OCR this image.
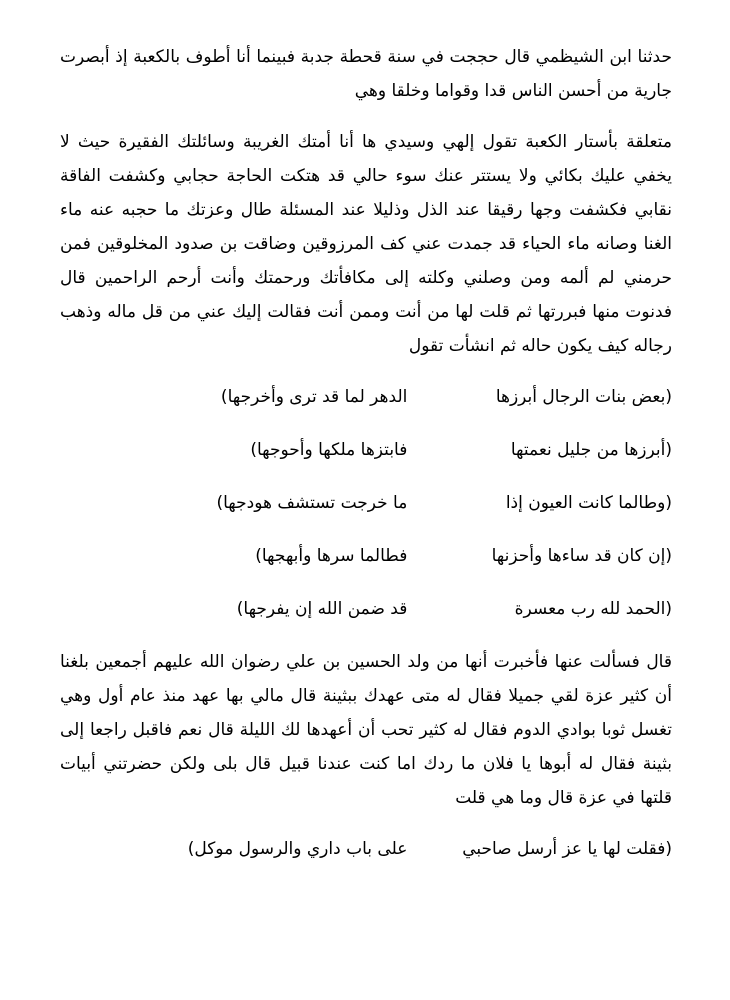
حدثنا ابن الشيظمي قال حججت في سنة قحطة جدبة فبينما أنا أطوف بالكعبة إذ أبصرت جارية من أحسن الناس قدا وقواما وخلقا وهي

متعلقة بأستار الكعبة تقول إلهي وسيدي ها أنا أمتك الغريبة وسائلتك الفقيرة حيث لا يخفي عليك بكائي ولا يستتر عنك سوء حالي قد هتكت الحاجة حجابي وكشفت الفاقة نقابي فكشفت وجها رقيقا عند الذل وذليلا عند المسئلة طال وعزتك ما حجبه عنه ماء الغنا وصانه ماء الحياء قد جمدت عني كف المرزوقين وضاقت بن صدود المخلوقين فمن حرمني لم ألمه ومن وصلني وكلته إلى مكافأتك ورحمتك وأنت أرحم الراحمين قال فدنوت منها فبررتها ثم قلت لها من أنت وممن أنت فقالت إليك عني من قل ماله وذهب رجاله كيف يكون حاله ثم انشأت تقول

(
بعض بنات الرجال أبرزها
الدهر لما قد ترى وأخرجها
)
(
أبرزها من جليل نعمتها
فابتزها ملكها وأحوجها
)
(
وطالما كانت العيون إذا
ما خرجت تستشف هودجها
)
(
إن كان قد ساءها وأحزنها
فطالما سرها وأبهجها
)
(
الحمد لله رب معسرة
قد ضمن الله إن يفرجها
)

قال فسألت عنها فأخبرت أنها من ولد الحسين بن علي رضوان الله عليهم أجمعين بلغنا أن كثير عزة لقي جميلا فقال له متى عهدك ببثينة قال مالي بها عهد منذ عام أول وهي تغسل ثوبا بوادي الدوم فقال له كثير تحب أن أعهدها لك الليلة قال نعم فاقبل راجعا إلى بثينة فقال له أبوها يا فلان ما ردك اما كنت عندنا قبيل قال بلى ولكن حضرتني أبيات قلتها في عزة قال وما هي قلت

(
فقلت لها يا عز أرسل صاحبي
على باب داري والرسول موكل
)
